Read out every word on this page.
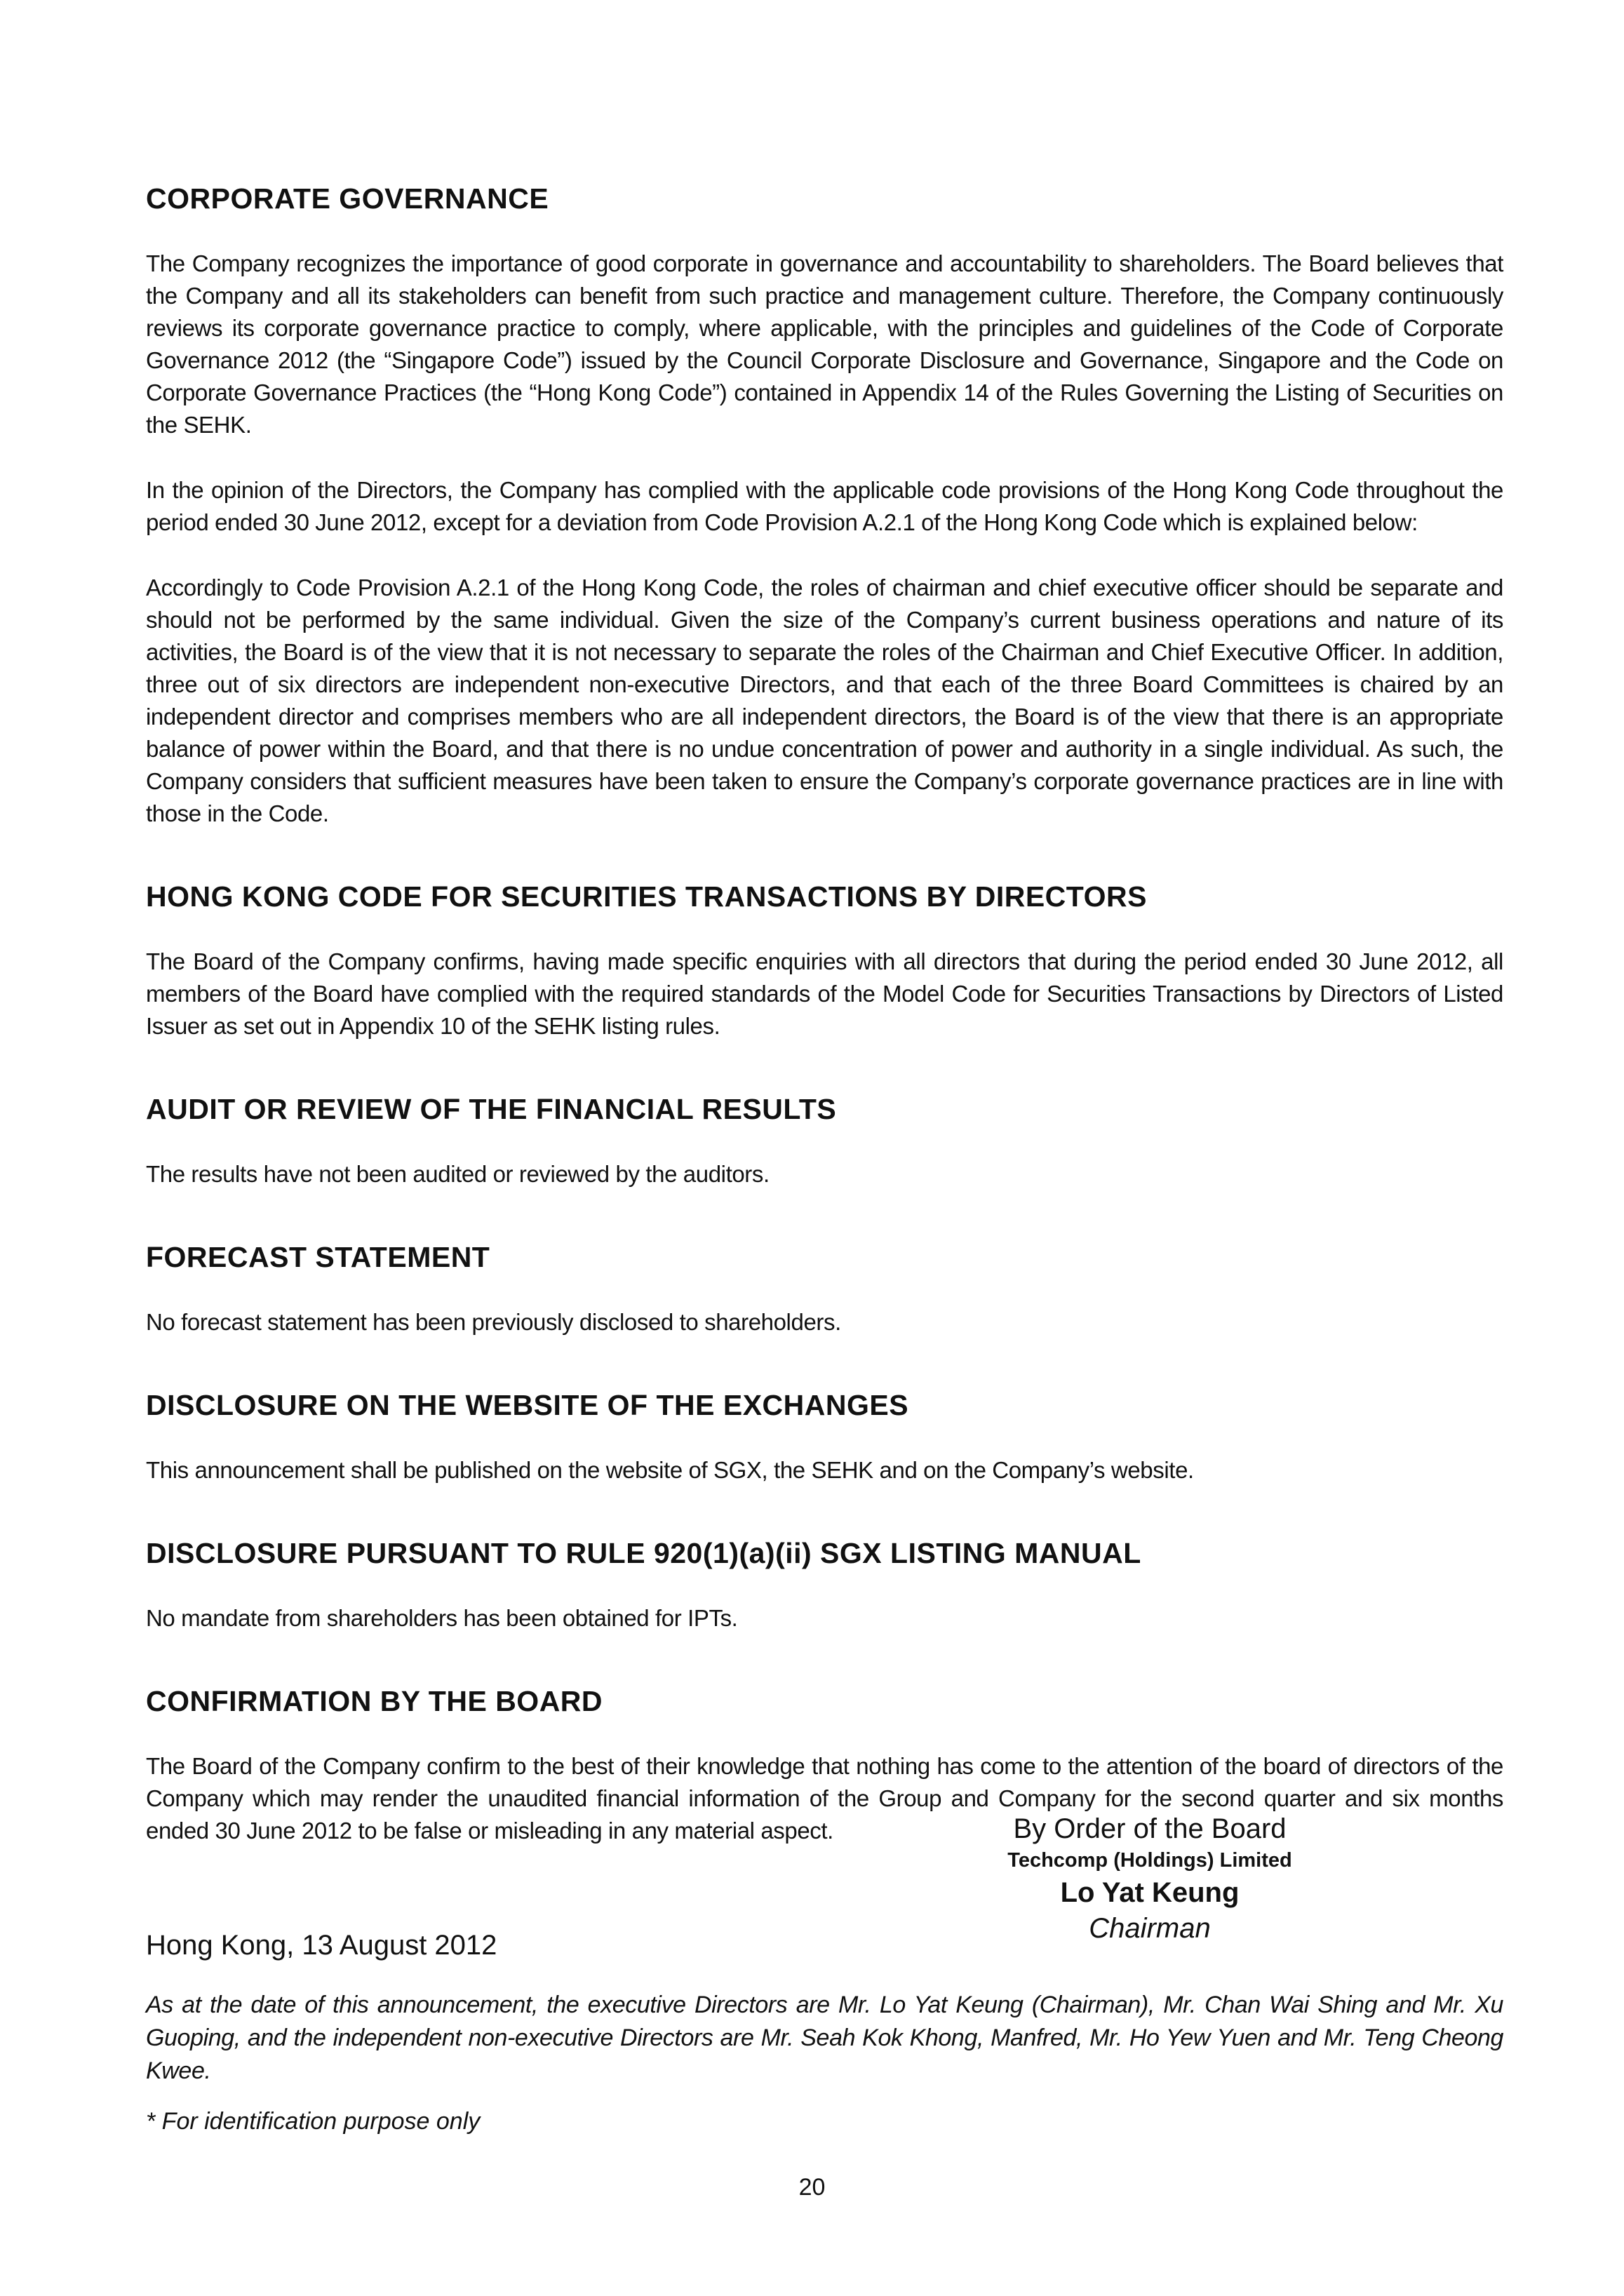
CORPORATE GOVERNANCE

The Company recognizes the importance of good corporate in governance and accountability to shareholders. The Board believes that the Company and all its stakeholders can benefit from such practice and management culture. Therefore, the Company continuously reviews its corporate governance practice to comply, where applicable, with the principles and guidelines of the Code of Corporate Governance 2012 (the “Singapore Code”) issued by the Council Corporate Disclosure and Governance, Singapore and the Code on Corporate Governance Practices (the “Hong Kong Code”) contained in Appendix 14 of the Rules Governing the Listing of Securities on the SEHK.

In the opinion of the Directors, the Company has complied with the applicable code provisions of the Hong Kong Code throughout the period ended 30 June 2012, except for a deviation from Code Provision A.2.1 of the Hong Kong Code which is explained below:

Accordingly to Code Provision A.2.1 of the Hong Kong Code, the roles of chairman and chief executive officer should be separate and should not be performed by the same individual. Given the size of the Company’s current business operations and nature of its activities, the Board is of the view that it is not necessary to separate the roles of the Chairman and Chief Executive Officer. In addition, three out of six directors are independent non-executive Directors, and that each of the three Board Committees is chaired by an independent director and comprises members who are all independent directors, the Board is of the view that there is an appropriate balance of power within the Board, and that there is no undue concentration of power and authority in a single individual. As such, the Company considers that sufficient measures have been taken to ensure the Company’s corporate governance practices are in line with those in the Code.

HONG KONG CODE FOR SECURITIES TRANSACTIONS BY DIRECTORS

The Board of the Company confirms, having made specific enquiries with all directors that during the period ended 30 June 2012, all members of the Board have complied with the required standards of the Model Code for Securities Transactions by Directors of Listed Issuer as set out in Appendix 10 of the SEHK listing rules.

AUDIT OR REVIEW OF THE FINANCIAL RESULTS

The results have not been audited or reviewed by the auditors.

FORECAST STATEMENT

No forecast statement has been previously disclosed to shareholders.

DISCLOSURE ON THE WEBSITE OF THE EXCHANGES

This announcement shall be published on the website of SGX, the SEHK and on the Company’s website.

DISCLOSURE PURSUANT TO RULE 920(1)(a)(ii) SGX LISTING MANUAL

No mandate from shareholders has been obtained for IPTs.

CONFIRMATION BY THE BOARD

The Board of the Company confirm to the best of their knowledge that nothing has come to the attention of the board of directors of the Company which may render the unaudited financial information of the Group and Company for the second quarter and six months ended 30 June 2012 to be false or misleading in any material aspect.	By Order of the Board
Techcomp (Holdings) Limited
Lo Yat Keung
Chairman
Hong Kong, 13 August 2012

As at the date of this announcement, the executive Directors are Mr. Lo Yat Keung (Chairman), Mr. Chan Wai Shing and Mr. Xu Guoping, and the independent non-executive Directors are Mr. Seah Kok Khong, Manfred, Mr. Ho Yew Yuen and Mr. Teng Cheong Kwee.

* For identification purpose only
20
